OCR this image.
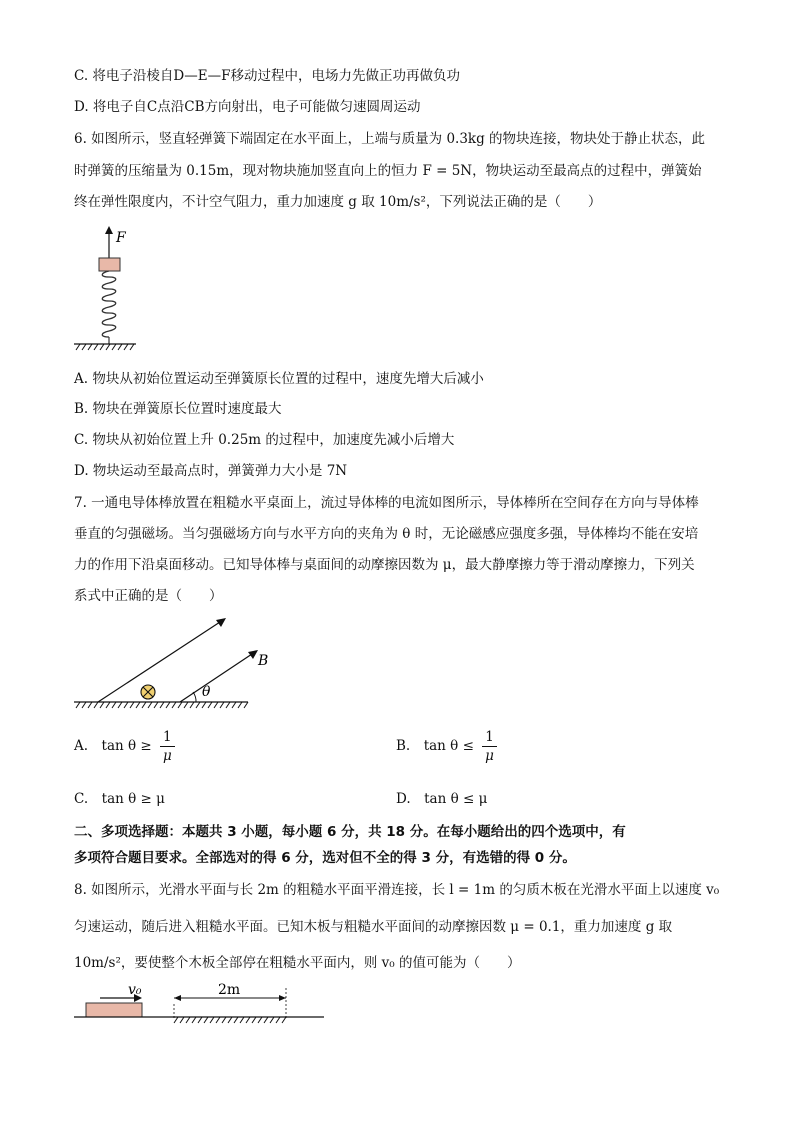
C. 将电子沿棱自D—E—F移动过程中，电场力先做正功再做负功
D. 将电子自C点沿CB方向射出，电子可能做匀速圆周运动
6. 如图所示，竖直轻弹簧下端固定在水平面上，上端与质量为 0.3kg 的物块连接，物块处于静止状态，此
时弹簧的压缩量为 0.15m，现对物块施加竖直向上的恒力 F = 5N，物块运动至最高点的过程中，弹簧始
终在弹性限度内，不计空气阻力，重力加速度 g 取 10m/s²，下列说法正确的是（　　）
F
A. 物块从初始位置运动至弹簧原长位置的过程中，速度先增大后减小
B. 物块在弹簧原长位置时速度最大
C. 物块从初始位置上升 0.25m 的过程中，加速度先减小后增大
D. 物块运动至最高点时，弹簧弹力大小是 7N
7. 一通电导体棒放置在粗糙水平桌面上，流过导体棒的电流如图所示，导体棒所在空间存在方向与导体棒
垂直的匀强磁场。当匀强磁场方向与水平方向的夹角为 θ 时，无论磁感应强度多强，导体棒均不能在安培
力的作用下沿桌面移动。已知导体棒与桌面间的动摩擦因数为 μ，最大静摩擦力等于滑动摩擦力，下列关
系式中正确的是（　　）
B
θ
A.　$\tan \theta \ge \frac{1}{\mu}$	B.　$\tan \theta \le \frac{1}{\mu}$
C.　tan θ ≥ μ	D.　tan θ ≤ μ
二、多项选择题：本题共 3 小题，每小题 6 分，共 18 分。在每小题给出的四个选项中，有
多项符合题目要求。全部选对的得 6 分，选对但不全的得 3 分，有选错的得 0 分。
8. 如图所示，光滑水平面与长 2m 的粗糙水平面平滑连接，长 l = 1m 的匀质木板在光滑水平面上以速度 v₀
匀速运动，随后进入粗糙水平面。已知木板与粗糙水平面间的动摩擦因数 μ = 0.1，重力加速度 g 取
10m/s²，要使整个木板全部停在粗糙水平面内，则 v₀ 的值可能为（　　）
v₀	2m
